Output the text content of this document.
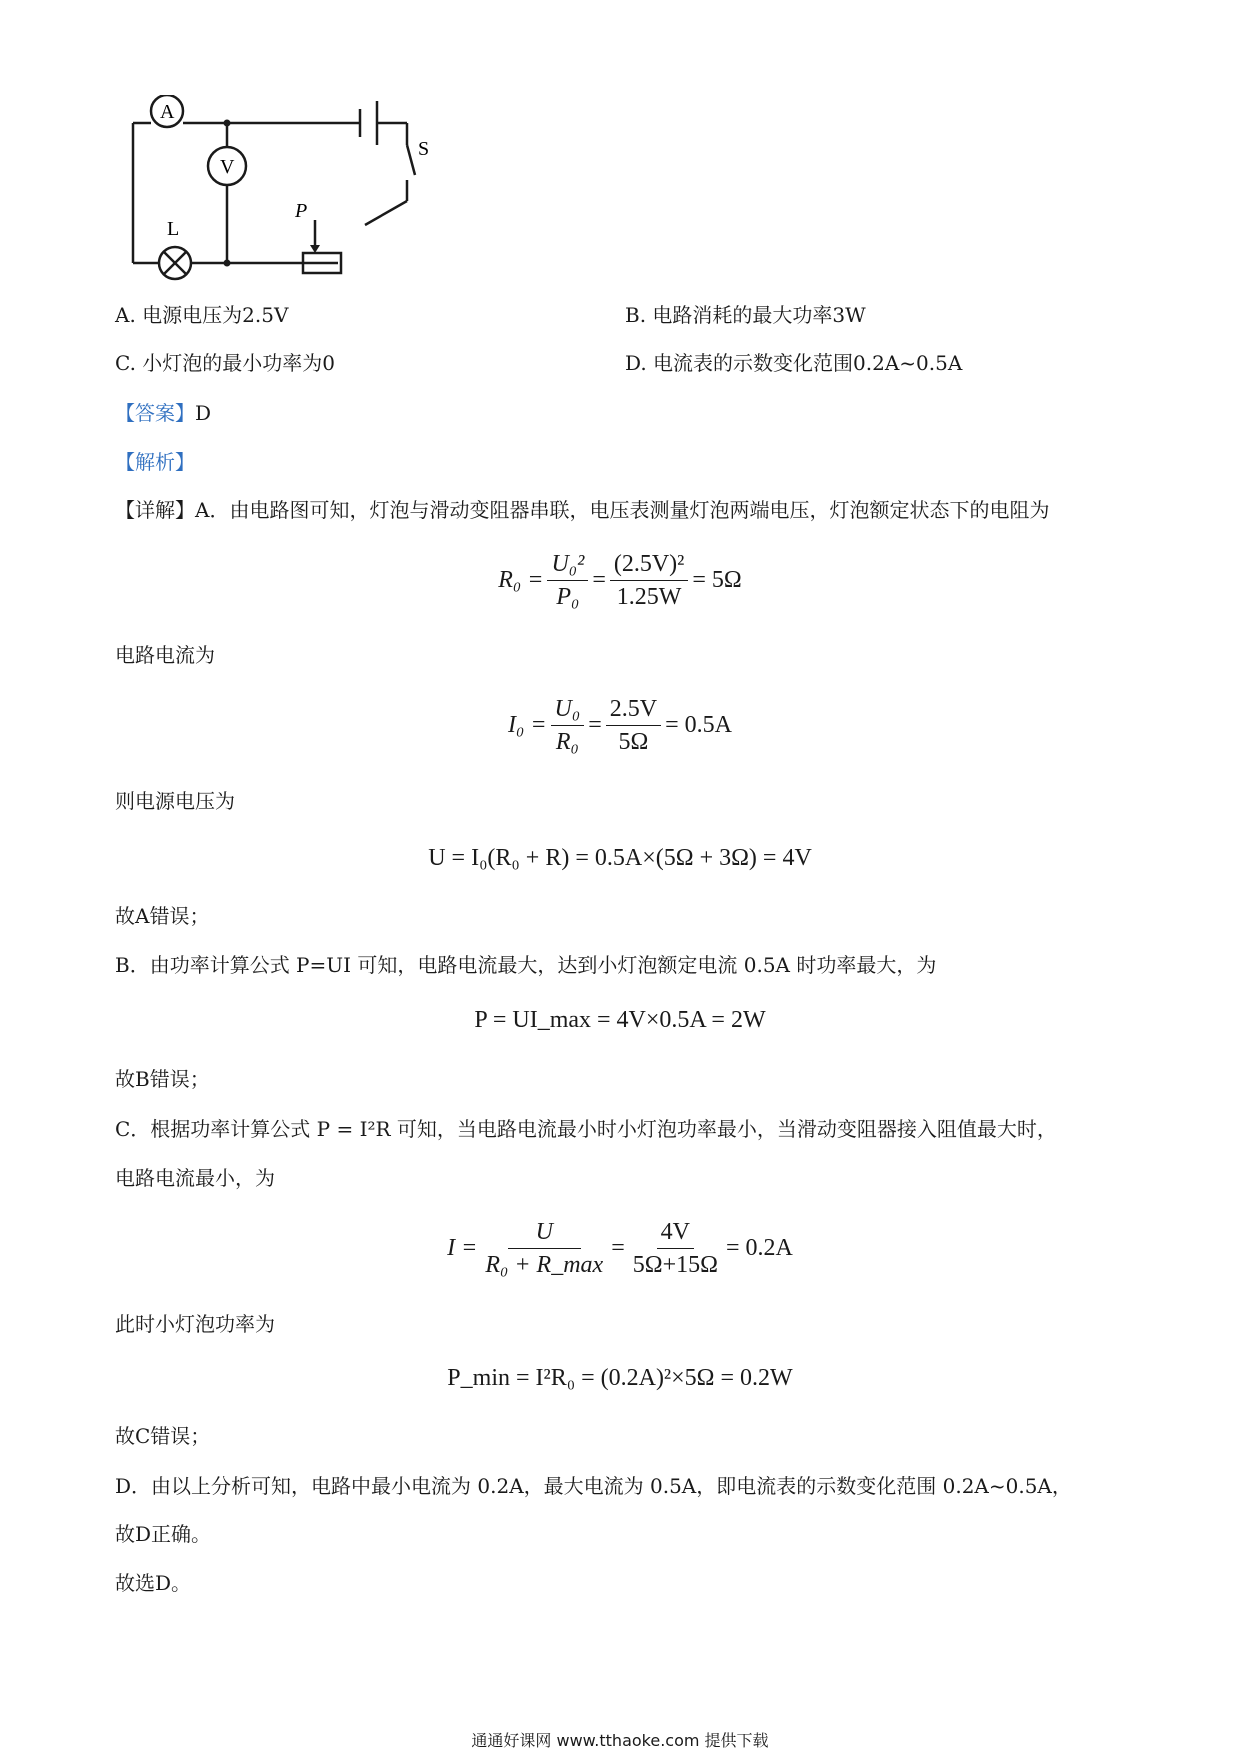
A
V
L
S
P
A. 电源电压为2.5V	B. 电路消耗的最大功率3W
C. 小灯泡的最小功率为0	D. 电流表的示数变化范围0.2A~0.5A
【答案】D
【解析】
【详解】A．由电路图可知，灯泡与滑动变阻器串联，电压表测量灯泡两端电压，灯泡额定状态下的电阻为
$R_0 = \frac{\text{U₀²}}{\text{P₀}} = \frac{\text{(2.5V)²}}{1.25W} = 5\Omega$
电路电流为
$I_0 = \frac{\text{U₀}}{\text{R₀}} = \frac{2.5V}{5\Omega} = 0.5A$
则电源电压为
U = I₀(R₀ + R) = 0.5A×(5Ω + 3Ω) = 4V
故A错误；
B．由功率计算公式 P=UI 可知，电路电流最大，达到小灯泡额定电流 0.5A 时功率最大，为
P = UI_max = 4V×0.5A = 2W
故B错误；
C．根据功率计算公式 P = I²R 可知，当电路电流最小时小灯泡功率最小，当滑动变阻器接入阻值最大时，
电路电流最小，为
$I = \frac{U}{\text{R₀ + R\_max}} = \frac{4V}{5\Omega+15\Omega} = 0.2A$
此时小灯泡功率为
P_min = I²R₀ = (0.2A)²×5Ω = 0.2W
故C错误；
D．由以上分析可知，电路中最小电流为 0.2A，最大电流为 0.5A，即电流表的示数变化范围 0.2A~0.5A，
故D正确。
故选D。
通通好课网 www.tthaoke.com 提供下载
